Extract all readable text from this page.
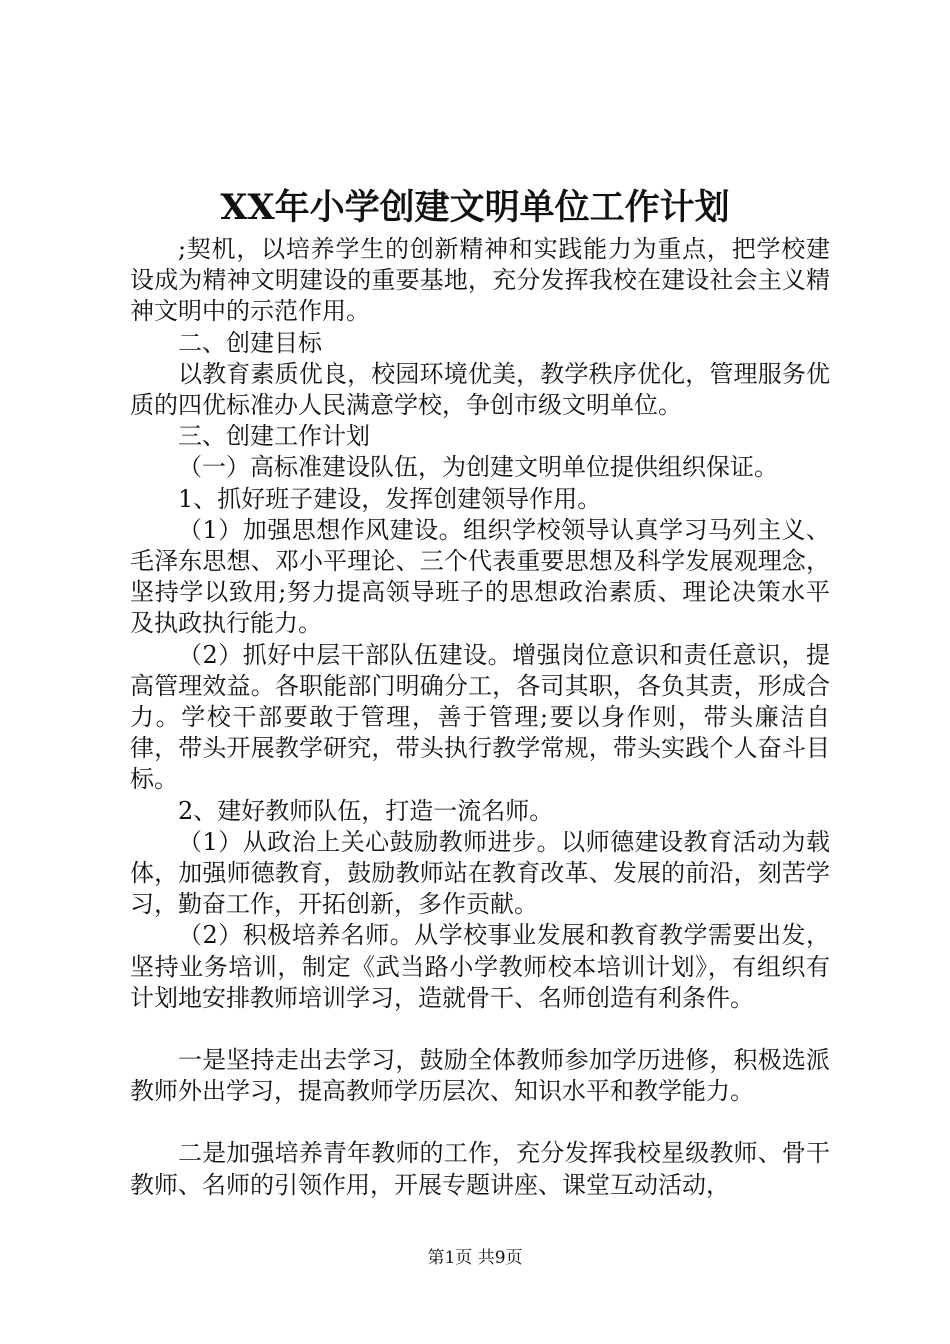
XX年小学创建文明单位工作计划

;契机，以培养学生的创新精神和实践能力为重点，把学校建设成为精神文明建设的重要基地，充分发挥我校在建设社会主义精神文明中的示范作用。

二、创建目标

以教育素质优良，校园环境优美，教学秩序优化，管理服务优质的四优标准办人民满意学校，争创市级文明单位。

三、创建工作计划

（一）高标准建设队伍，为创建文明单位提供组织保证。

1、抓好班子建设，发挥创建领导作用。

（1）加强思想作风建设。组织学校领导认真学习马列主义、毛泽东思想、邓小平理论、三个代表重要思想及科学发展观理念，坚持学以致用;努力提高领导班子的思想政治素质、理论决策水平及执政执行能力。

（2）抓好中层干部队伍建设。增强岗位意识和责任意识，提高管理效益。各职能部门明确分工，各司其职，各负其责，形成合力。学校干部要敢于管理，善于管理;要以身作则，带头廉洁自律，带头开展教学研究，带头执行教学常规，带头实践个人奋斗目标。

2、建好教师队伍，打造一流名师。

（1）从政治上关心鼓励教师进步。以师德建设教育活动为载体，加强师德教育，鼓励教师站在教育改革、发展的前沿，刻苦学习，勤奋工作，开拓创新，多作贡献。

（2）积极培养名师。从学校事业发展和教育教学需要出发，坚持业务培训，制定《武当路小学教师校本培训计划》，有组织有计划地安排教师培训学习，造就骨干、名师创造有利条件。

一是坚持走出去学习，鼓励全体教师参加学历进修，积极选派教师外出学习，提高教师学历层次、知识水平和教学能力。

二是加强培养青年教师的工作，充分发挥我校星级教师、骨干教师、名师的引领作用，开展专题讲座、课堂互动活动，

第1页 共9页
